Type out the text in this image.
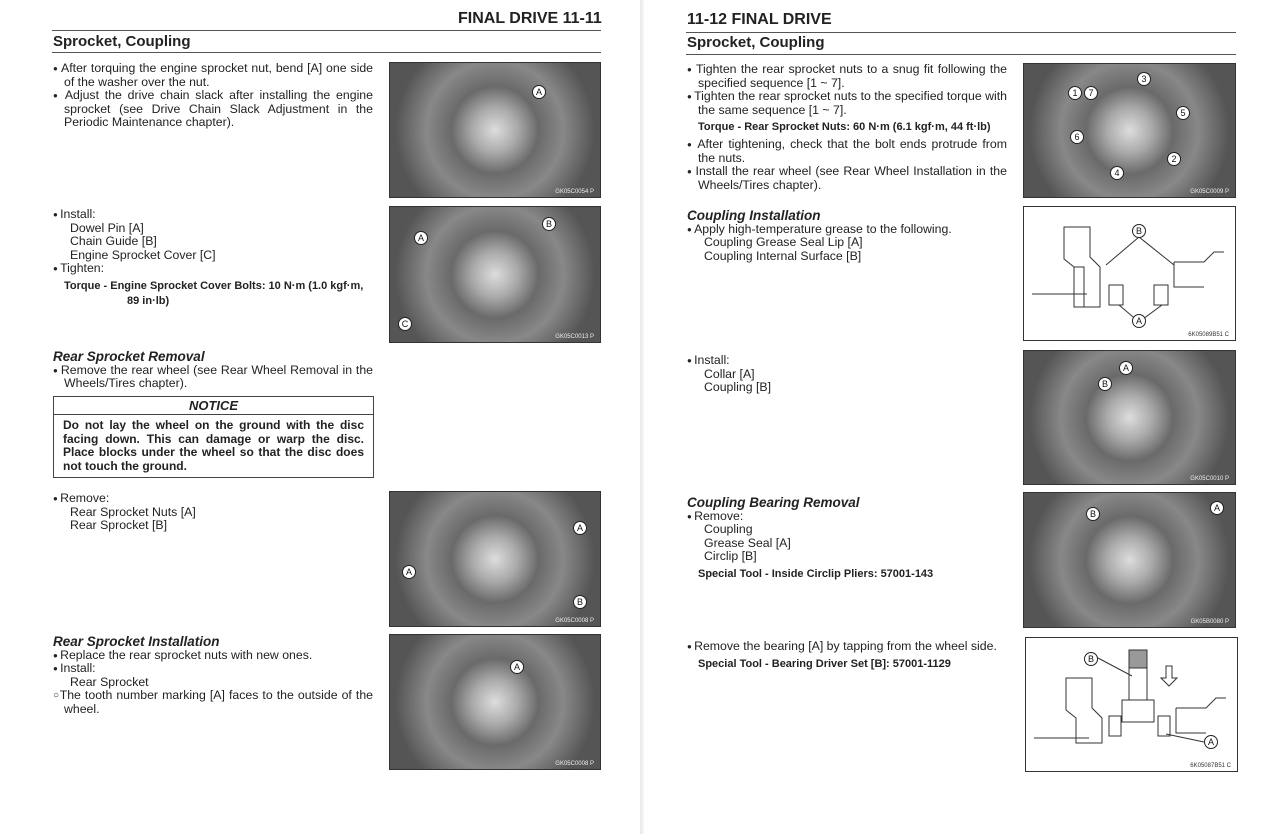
FINAL DRIVE 11-11
Sprocket, Coupling
● After torquing the engine sprocket nut, bend [A] one side of the washer over the nut.
● Adjust the drive chain slack after installing the engine sprocket (see Drive Chain Slack Adjustment in the Periodic Maintenance chapter).
● Install:
Dowel Pin [A]
Chain Guide [B]
Engine Sprocket Cover [C]
● Tighten:
Torque - Engine Sprocket Cover Bolts: 10 N·m (1.0 kgf·m,
89 in·lb)
Rear Sprocket Removal
● Remove the rear wheel (see Rear Wheel Removal in the Wheels/Tires chapter).
NOTICE
Do not lay the wheel on the ground with the disc facing down. This can damage or warp the disc. Place blocks under the wheel so that the disc does not touch the ground.
● Remove:
Rear Sprocket Nuts [A]
Rear Sprocket [B]
Rear Sprocket Installation
● Replace the rear sprocket nuts with new ones.
● Install:
Rear Sprocket
○ The tooth number marking [A] faces to the outside of the wheel.
A
GK05C0054 P
A
B
C
GK05C0013 P
A
A
B
GK05C0008 P
A
GK05C0008 P
11-12 FINAL DRIVE
Sprocket, Coupling
● Tighten the rear sprocket nuts to a snug fit following the specified sequence [1 ~ 7].
● Tighten the rear sprocket nuts to the specified torque with the same sequence [1 ~ 7].
Torque - Rear Sprocket Nuts: 60 N·m (6.1 kgf·m, 44 ft·lb)
● After tightening, check that the bolt ends protrude from the nuts.
● Install the rear wheel (see Rear Wheel Installation in the Wheels/Tires chapter).
Coupling Installation
● Apply high-temperature grease to the following.
Coupling Grease Seal Lip [A]
Coupling Internal Surface [B]
● Install:
Collar [A]
Coupling [B]
Coupling Bearing Removal
● Remove:
Coupling
Grease Seal [A]
Circlip [B]
Special Tool - Inside Circlip Pliers: 57001-143
● Remove the bearing [A] by tapping from the wheel side.
Special Tool - Bearing Driver Set [B]: 57001-1129
1	7
3
5
6
2
4
GK05C0009 P
B
A
6K05089B51 C
A
B
GK05C0010 P
B
A
GK05B0080 P
B
A
6K05087B51 C
